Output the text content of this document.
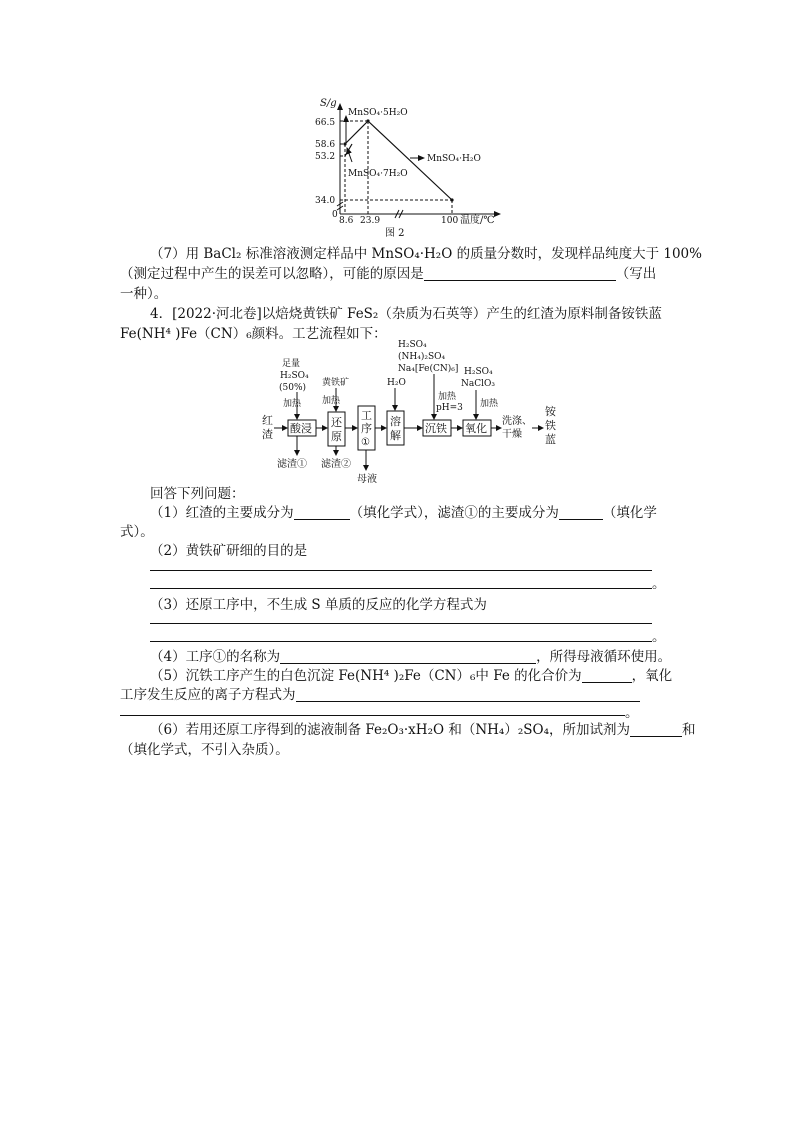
S/g
66.5
58.6
53.2
34.0
0
8.6 23.9	100 温度/℃
MnSO₄·5H₂O
MnSO₄·H₂O
MnSO₄·7H₂O
图 2
（7）用 BaCl₂ 标准溶液测定样品中 MnSO₄·H₂O 的质量分数时，发现样品纯度大于 100%
（测定过程中产生的误差可以忽略），可能的原因是	（写出
一种）。
4．[2022·河北卷]以焙烧黄铁矿 FeS₂（杂质为石英等）产生的红渣为原料制备铵铁蓝
Fe(NH⁴ )Fe（CN）₆颜料。工艺流程如下：
足量
H₂SO₄
(50%)
加热
黄铁矿
加热
H₂O
H₂SO₄
(NH₄)₂SO₄
Na₄[Fe(CN)₆]
加热
pH=3
H₂SO₄
NaClO₃
加热
红
渣 酸浸 还
原
工
序
①
溶
解
沉铁 氧化
洗涤、
干燥
铵
铁
蓝
滤渣① 滤渣②
母液
回答下列问题：
（1）红渣的主要成分为	（填化学式），滤渣①的主要成分为	（填化学
式）。
（2）黄铁矿研细的目的是
。
（3）还原工序中，不生成 S 单质的反应的化学方程式为
。
（4）工序①的名称为	，所得母液循环使用。
（5）沉铁工序产生的白色沉淀 Fe(NH⁴ )₂Fe（CN）₆中 Fe 的化合价为	，氧化
工序发生反应的离子方程式为
。
（6）若用还原工序得到的滤液制备 Fe₂O₃·xH₂O 和（NH₄）₂SO₄，所加试剂为	和
（填化学式，不引入杂质）。
